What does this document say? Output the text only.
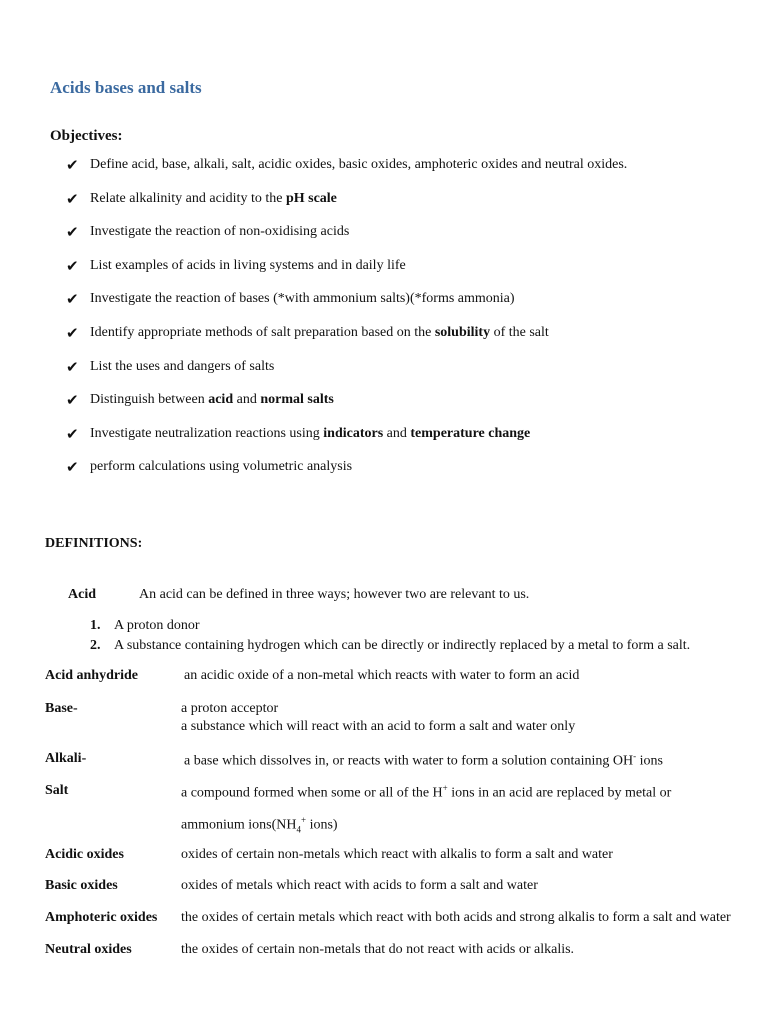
Acids bases and salts
Objectives:
✔ Define acid, base, alkali, salt, acidic oxides, basic oxides, amphoteric oxides and neutral oxides.
✔ Relate alkalinity and acidity to the pH scale
✔ Investigate the reaction of non-oxidising acids
✔ List examples of acids in living systems and in daily life
✔ Investigate the reaction of bases (*with ammonium salts)(*forms ammonia)
✔ Identify appropriate methods of salt preparation based on the solubility of the salt
✔ List the uses and dangers of salts
✔ Distinguish between acid and normal salts
✔ Investigate neutralization reactions using indicators and temperature change
✔ perform calculations using volumetric analysis
DEFINITIONS:
Acid	An acid can be defined in three ways; however two are relevant to us.
1. A proton donor
2. A substance containing hydrogen which can be directly or indirectly replaced by a metal to form a salt.
Acid anhydride	an acidic oxide of a non-metal which reacts with water to form an acid
Base-	a proton acceptor
a substance which will react with an acid to form a salt and water only
Alkali-	a base which dissolves in, or reacts with water to form a solution containing OH- ions
Salt	a compound formed when some or all of the H+ ions in an acid are replaced by metal or
ammonium $ions(NH_4^+$ ions)
Acidic oxides	oxides of certain non-metals which react with alkalis to form a salt and water
Basic oxides	oxides of metals which react with acids to form a salt and water
Amphoteric oxides the oxides of certain metals which react with both acids and strong alkalis to form a salt and water
Neutral oxides	the oxides of certain non-metals that do not react with acids or alkalis.
